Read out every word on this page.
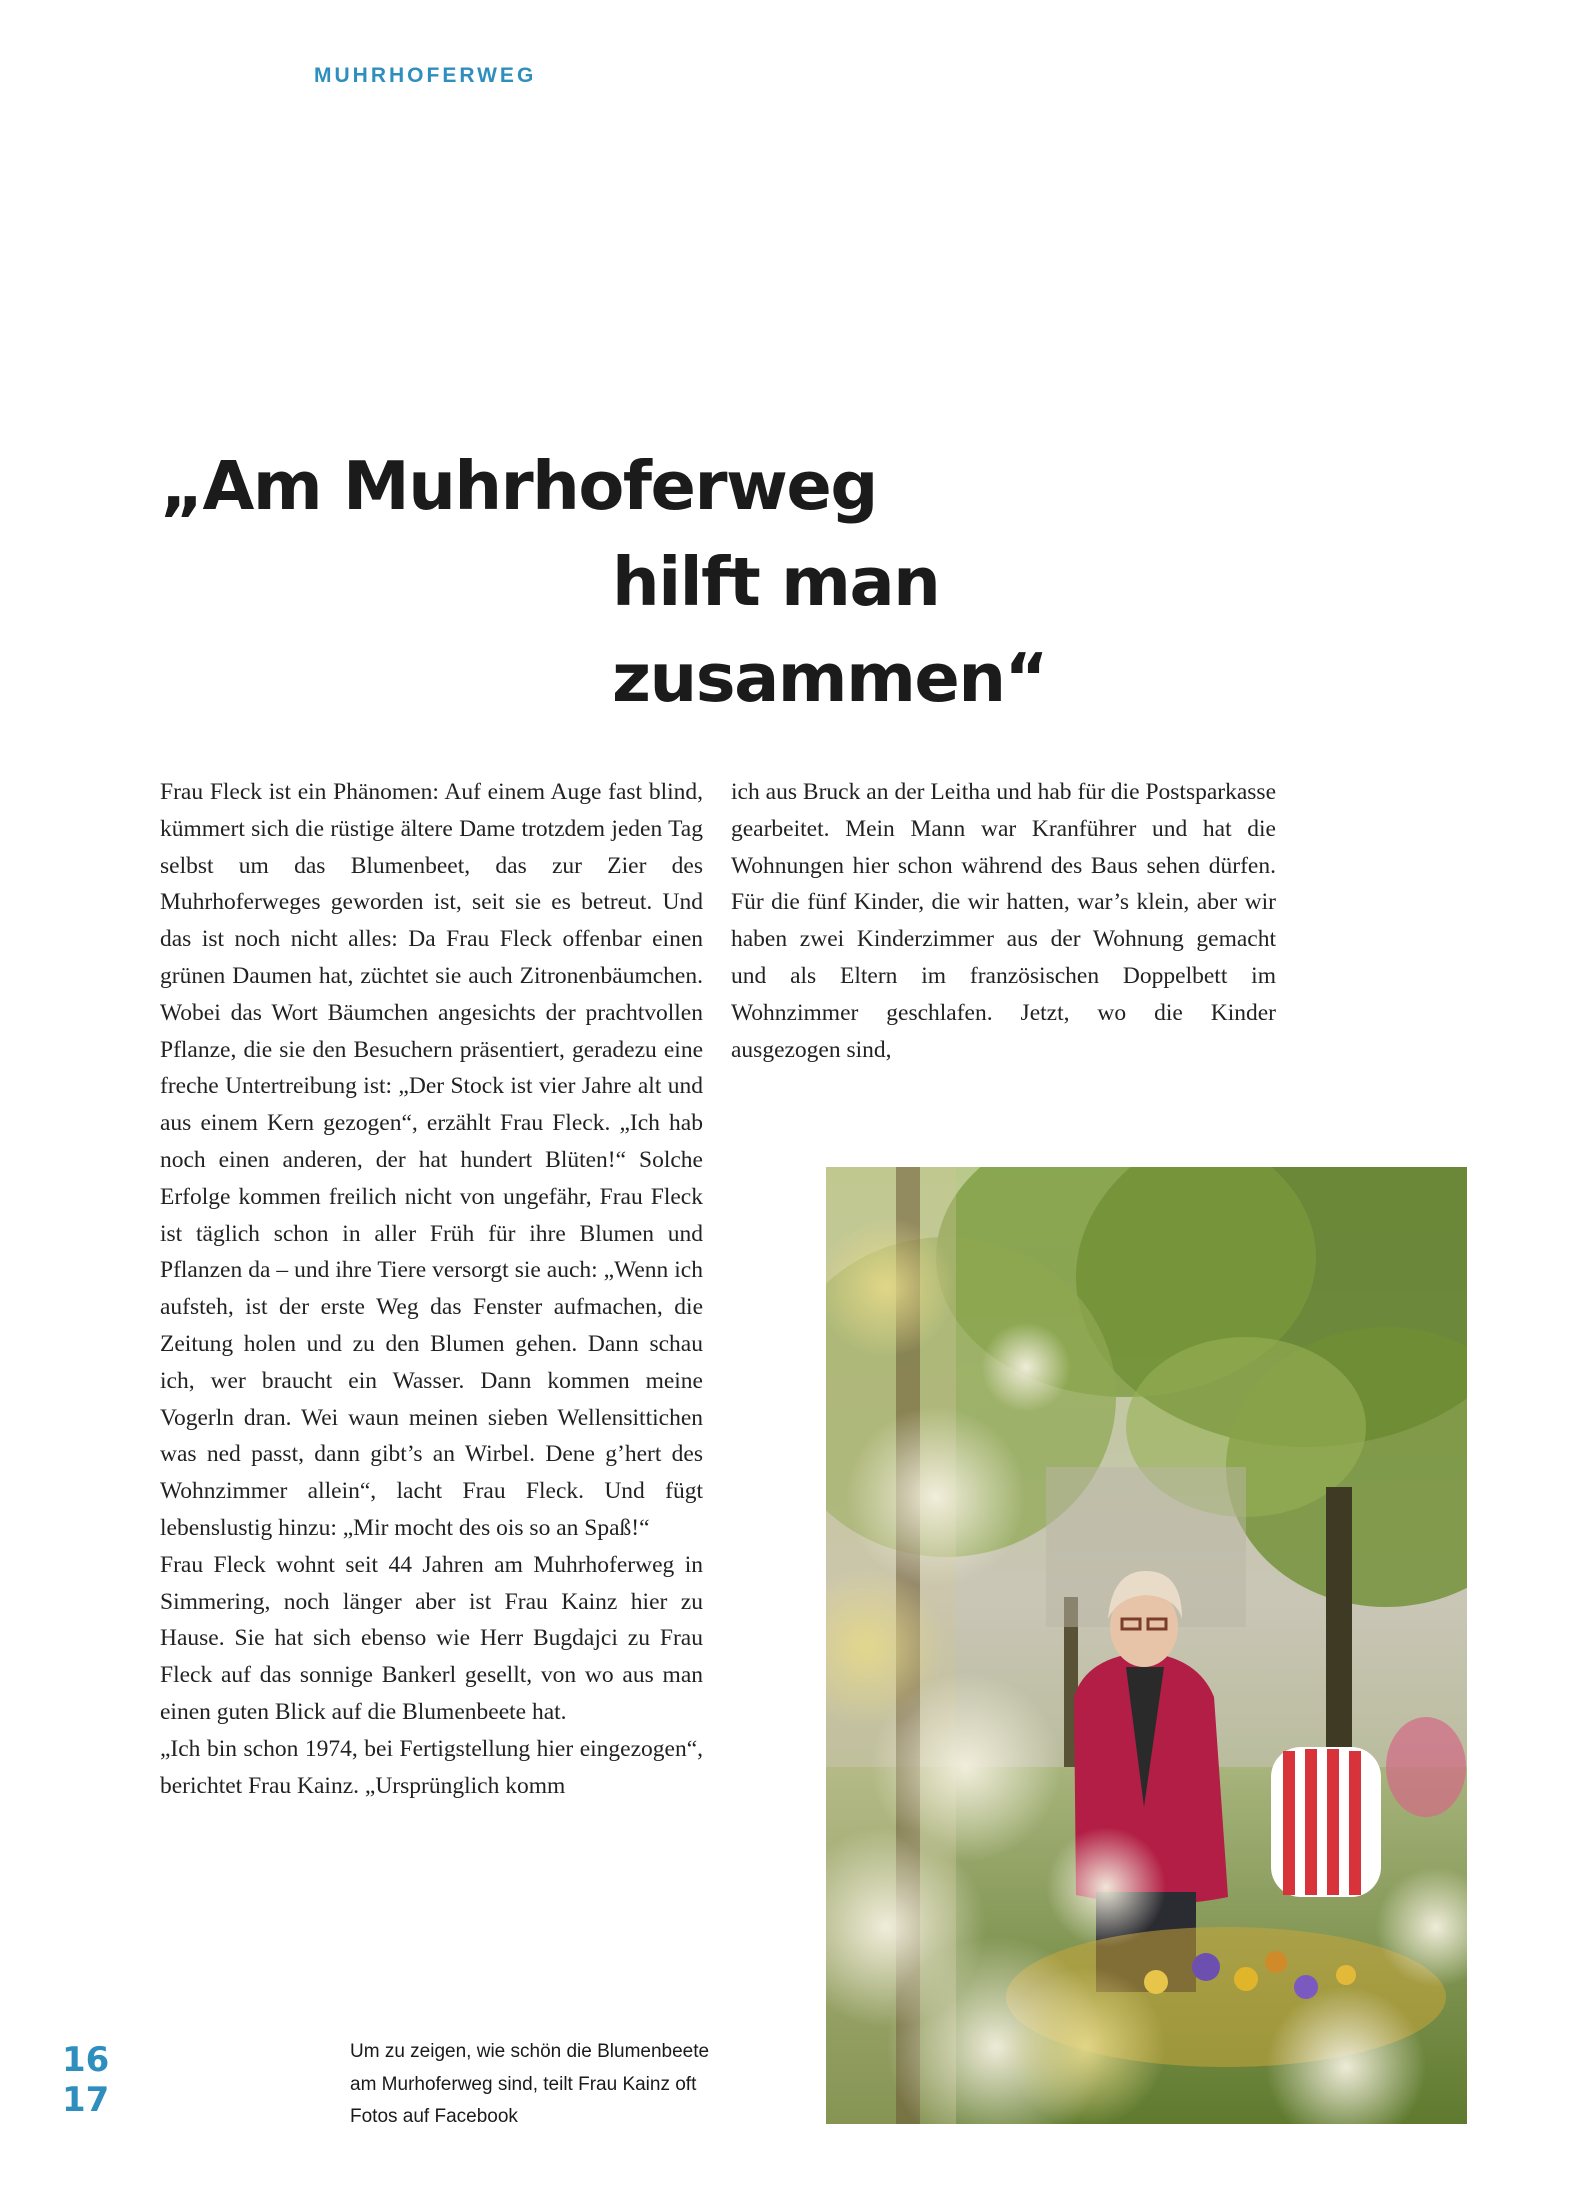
MUHRHOFERWEG
„Am Muhrhoferweg
hilft man zusammen“

Frau Fleck ist ein Phänomen: Auf einem Auge fast blind, kümmert sich die rüstige ältere Dame trotzdem jeden Tag selbst um das Blumenbeet, das zur Zier des Muhrhoferweges geworden ist, seit sie es betreut. Und das ist noch nicht alles: Da Frau Fleck offenbar einen grünen Daumen hat, züchtet sie auch Zitronenbäumchen. Wobei das Wort Bäumchen angesichts der prachtvollen Pflanze, die sie den Besuchern präsentiert, geradezu eine freche Untertreibung ist: „Der Stock ist vier Jahre alt und aus einem Kern gezogen“, erzählt Frau Fleck. „Ich hab noch einen anderen, der hat hundert Blüten!“ Solche Erfolge kommen freilich nicht von ungefähr, Frau Fleck ist täglich schon in aller Früh für ihre Blumen und Pflanzen da – und ihre Tiere versorgt sie auch: „Wenn ich aufsteh, ist der erste Weg das Fenster aufmachen, die Zeitung holen und zu den Blumen gehen. Dann schau ich, wer braucht ein Wasser. Dann kommen meine Vogerln dran. Wei waun meinen sieben Wellensittichen was ned passt, dann gibt’s an Wirbel. Dene g’hert des Wohnzimmer allein“, lacht Frau Fleck. Und fügt lebenslustig hinzu: „Mir mocht des ois so an Spaß!“

Frau Fleck wohnt seit 44 Jahren am Muhrhoferweg in Simmering, noch länger aber ist Frau Kainz hier zu Hause. Sie hat sich ebenso wie Herr Bugdajci zu Frau Fleck auf das sonnige Bankerl gesellt, von wo aus man einen guten Blick auf die Blumenbeete hat.

„Ich bin schon 1974, bei Fertigstellung hier eingezogen“, berichtet Frau Kainz. „Ursprünglich komm

ich aus Bruck an der Leitha und hab für die Postsparkasse gearbeitet. Mein Mann war Kranführer und hat die Wohnungen hier schon während des Baus sehen dürfen. Für die fünf Kinder, die wir hatten, war’s klein, aber wir haben zwei Kinderzimmer aus der Wohnung gemacht und als Eltern im französischen Doppelbett im Wohnzimmer geschlafen. Jetzt, wo die Kinder ausgezogen sind,

Um zu zeigen, wie schön die Blumenbeete am Murhoferweg sind, teilt Frau Kainz oft Fotos auf Facebook

16
17
